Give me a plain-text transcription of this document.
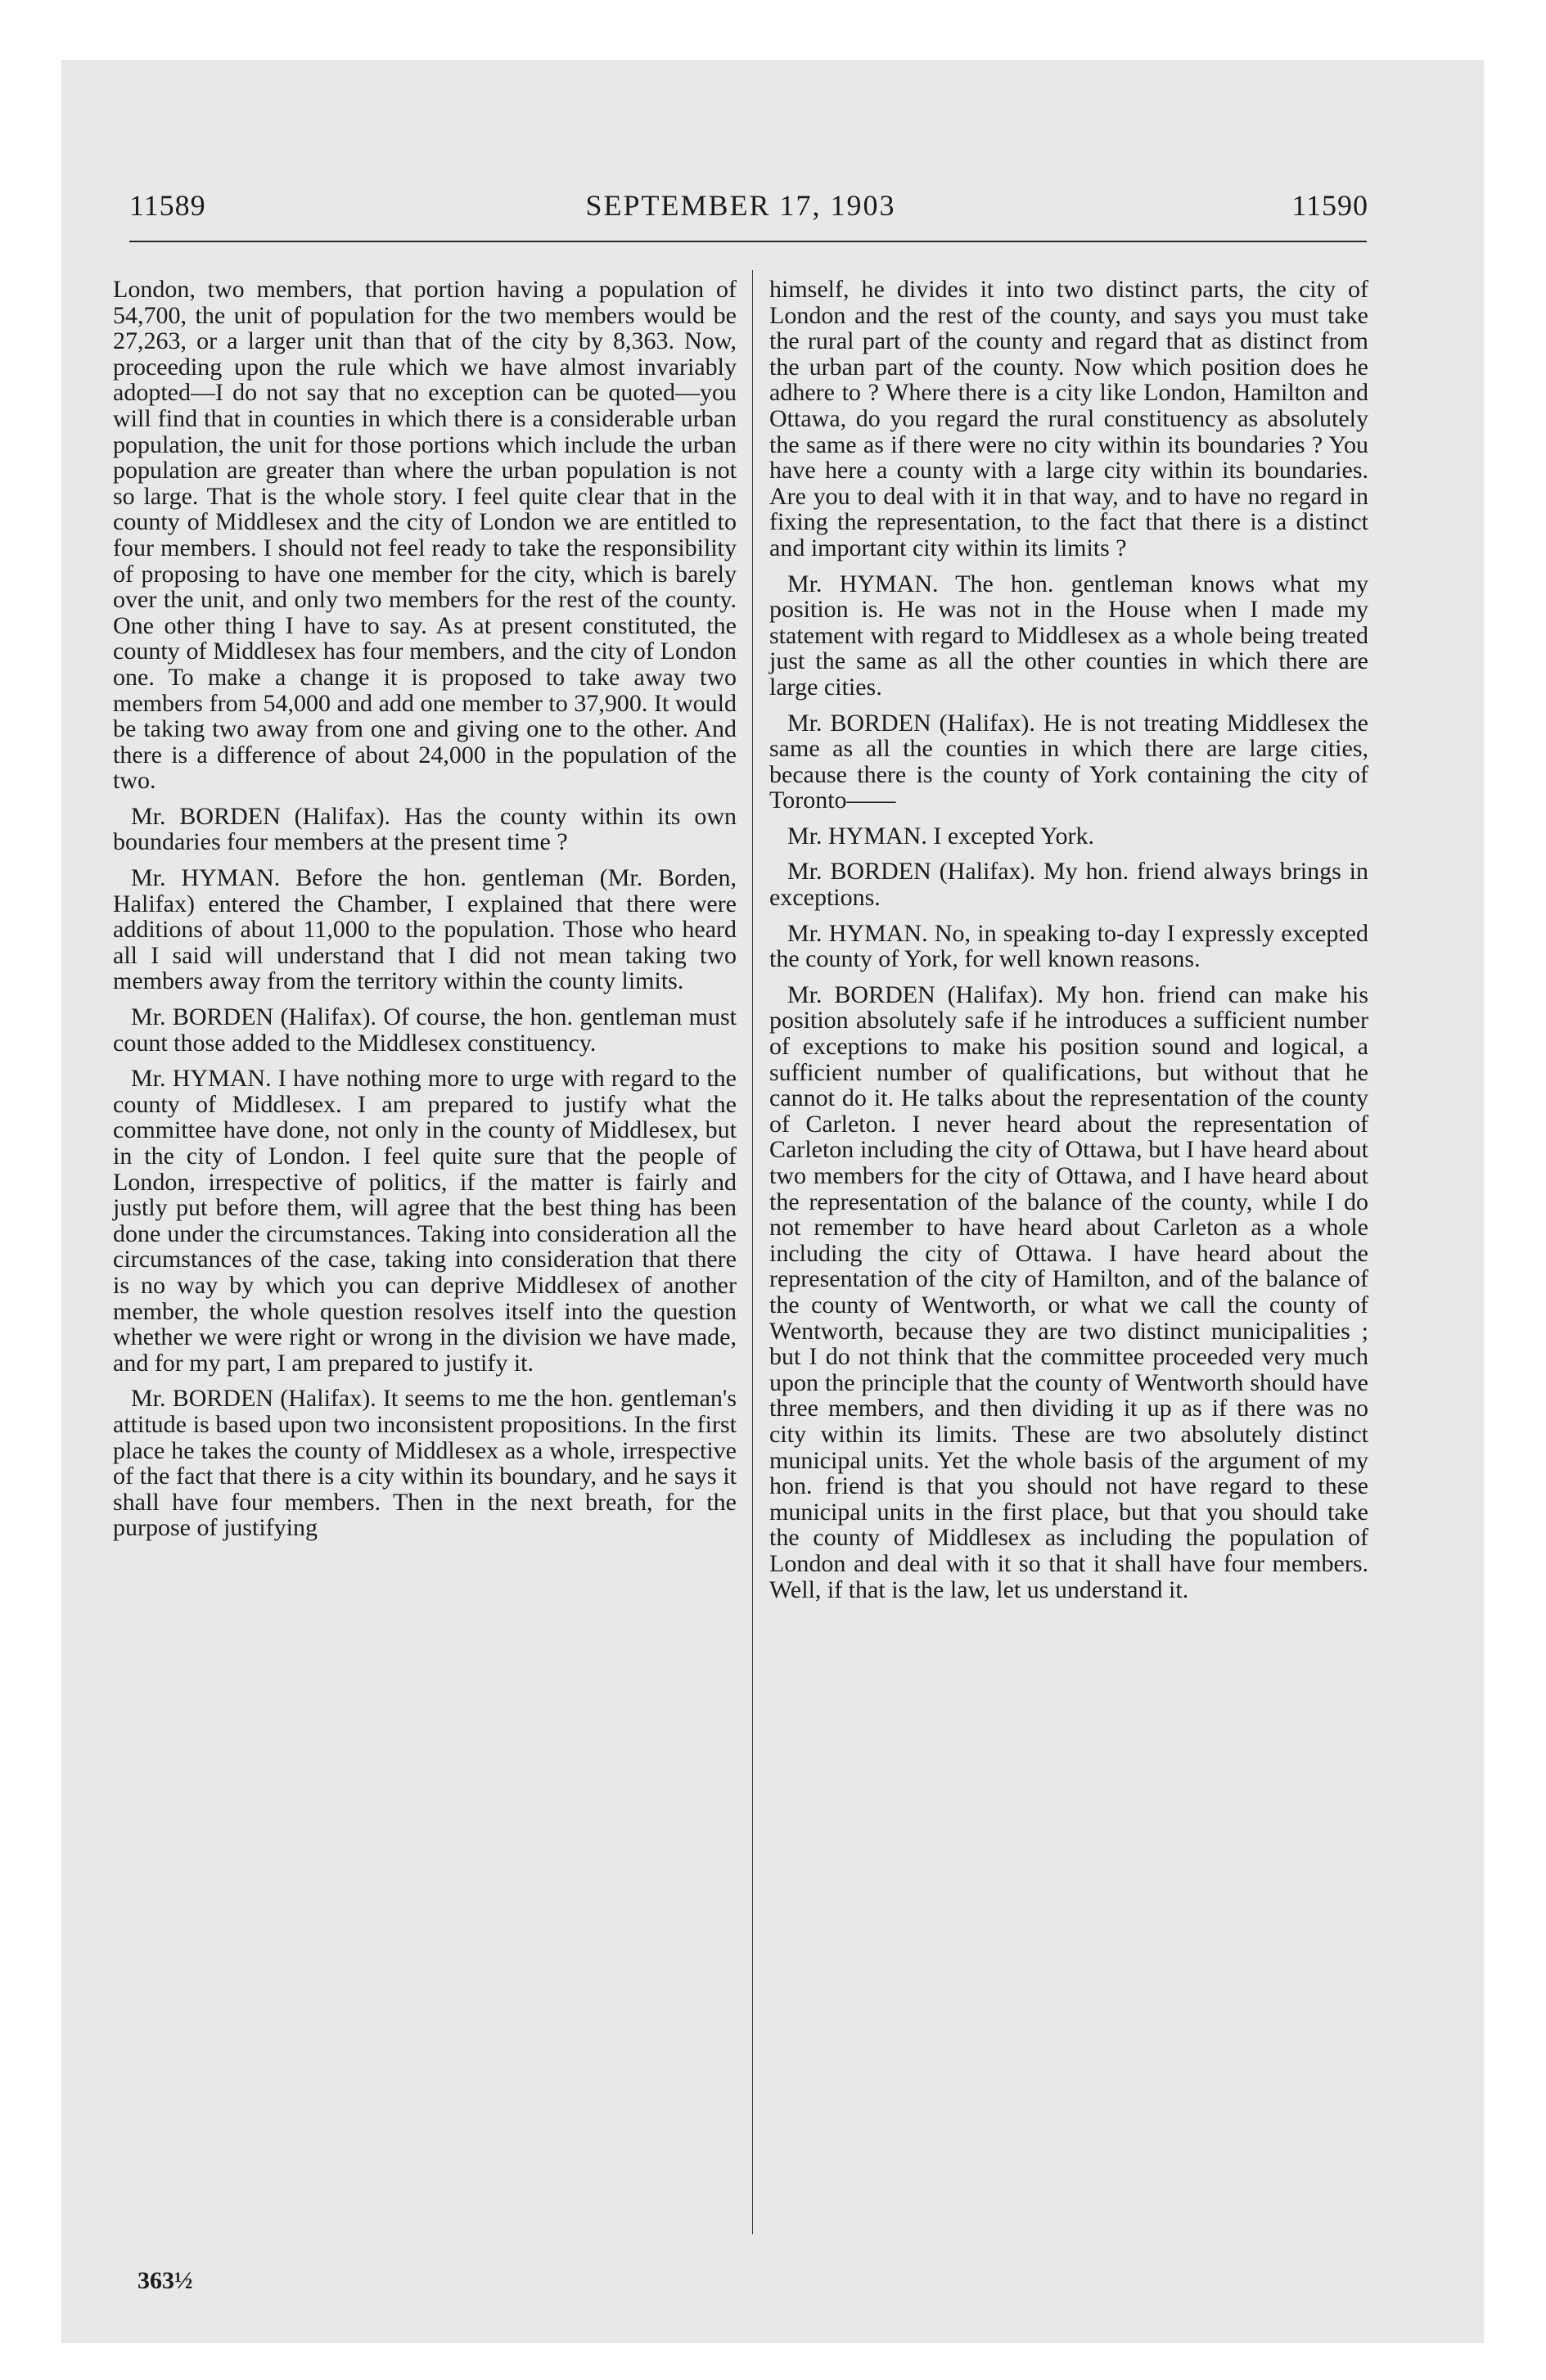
11589	SEPTEMBER 17, 1903	11590

London, two members, that portion having a population of 54,700, the unit of population for the two members would be 27,263, or a larger unit than that of the city by 8,363. Now, proceeding upon the rule which we have almost invariably adopted—I do not say that no exception can be quoted—you will find that in counties in which there is a considerable urban population, the unit for those portions which include the urban population are greater than where the urban population is not so large. That is the whole story. I feel quite clear that in the county of Middlesex and the city of London we are entitled to four members. I should not feel ready to take the responsibility of proposing to have one member for the city, which is barely over the unit, and only two members for the rest of the county. One other thing I have to say. As at present constituted, the county of Middlesex has four members, and the city of London one. To make a change it is proposed to take away two members from 54,000 and add one member to 37,900. It would be taking two away from one and giving one to the other. And there is a difference of about 24,000 in the population of the two.

Mr. BORDEN (Halifax). Has the county within its own boundaries four members at the present time ?

Mr. HYMAN. Before the hon. gentleman (Mr. Borden, Halifax) entered the Chamber, I explained that there were additions of about 11,000 to the population. Those who heard all I said will understand that I did not mean taking two members away from the territory within the county limits.

Mr. BORDEN (Halifax). Of course, the hon. gentleman must count those added to the Middlesex constituency.

Mr. HYMAN. I have nothing more to urge with regard to the county of Middlesex. I am prepared to justify what the committee have done, not only in the county of Middlesex, but in the city of London. I feel quite sure that the people of London, irrespective of politics, if the matter is fairly and justly put before them, will agree that the best thing has been done under the circumstances. Taking into consideration all the circumstances of the case, taking into consideration that there is no way by which you can deprive Middlesex of another member, the whole question resolves itself into the question whether we were right or wrong in the division we have made, and for my part, I am prepared to justify it.

Mr. BORDEN (Halifax). It seems to me the hon. gentleman's attitude is based upon two inconsistent propositions. In the first place he takes the county of Middlesex as a whole, irrespective of the fact that there is a city within its boundary, and he says it shall have four members. Then in the next breath, for the purpose of justifying

himself, he divides it into two distinct parts, the city of London and the rest of the county, and says you must take the rural part of the county and regard that as distinct from the urban part of the county. Now which position does he adhere to ? Where there is a city like London, Hamilton and Ottawa, do you regard the rural constituency as absolutely the same as if there were no city within its boundaries ? You have here a county with a large city within its boundaries. Are you to deal with it in that way, and to have no regard in fixing the representation, to the fact that there is a distinct and important city within its limits ?

Mr. HYMAN. The hon. gentleman knows what my position is. He was not in the House when I made my statement with regard to Middlesex as a whole being treated just the same as all the other counties in which there are large cities.

Mr. BORDEN (Halifax). He is not treating Middlesex the same as all the counties in which there are large cities, because there is the county of York containing the city of Toronto——

Mr. HYMAN. I excepted York.

Mr. BORDEN (Halifax). My hon. friend always brings in exceptions.

Mr. HYMAN. No, in speaking to-day I expressly excepted the county of York, for well known reasons.

Mr. BORDEN (Halifax). My hon. friend can make his position absolutely safe if he introduces a sufficient number of exceptions to make his position sound and logical, a sufficient number of qualifications, but without that he cannot do it. He talks about the representation of the county of Carleton. I never heard about the representation of Carleton including the city of Ottawa, but I have heard about two members for the city of Ottawa, and I have heard about the representation of the balance of the county, while I do not remember to have heard about Carleton as a whole including the city of Ottawa. I have heard about the representation of the city of Hamilton, and of the balance of the county of Wentworth, or what we call the county of Wentworth, because they are two distinct municipalities ; but I do not think that the committee proceeded very much upon the principle that the county of Wentworth should have three members, and then dividing it up as if there was no city within its limits. These are two absolutely distinct municipal units. Yet the whole basis of the argument of my hon. friend is that you should not have regard to these municipal units in the first place, but that you should take the county of Middlesex as including the population of London and deal with it so that it shall have four members. Well, if that is the law, let us understand it.

363½
